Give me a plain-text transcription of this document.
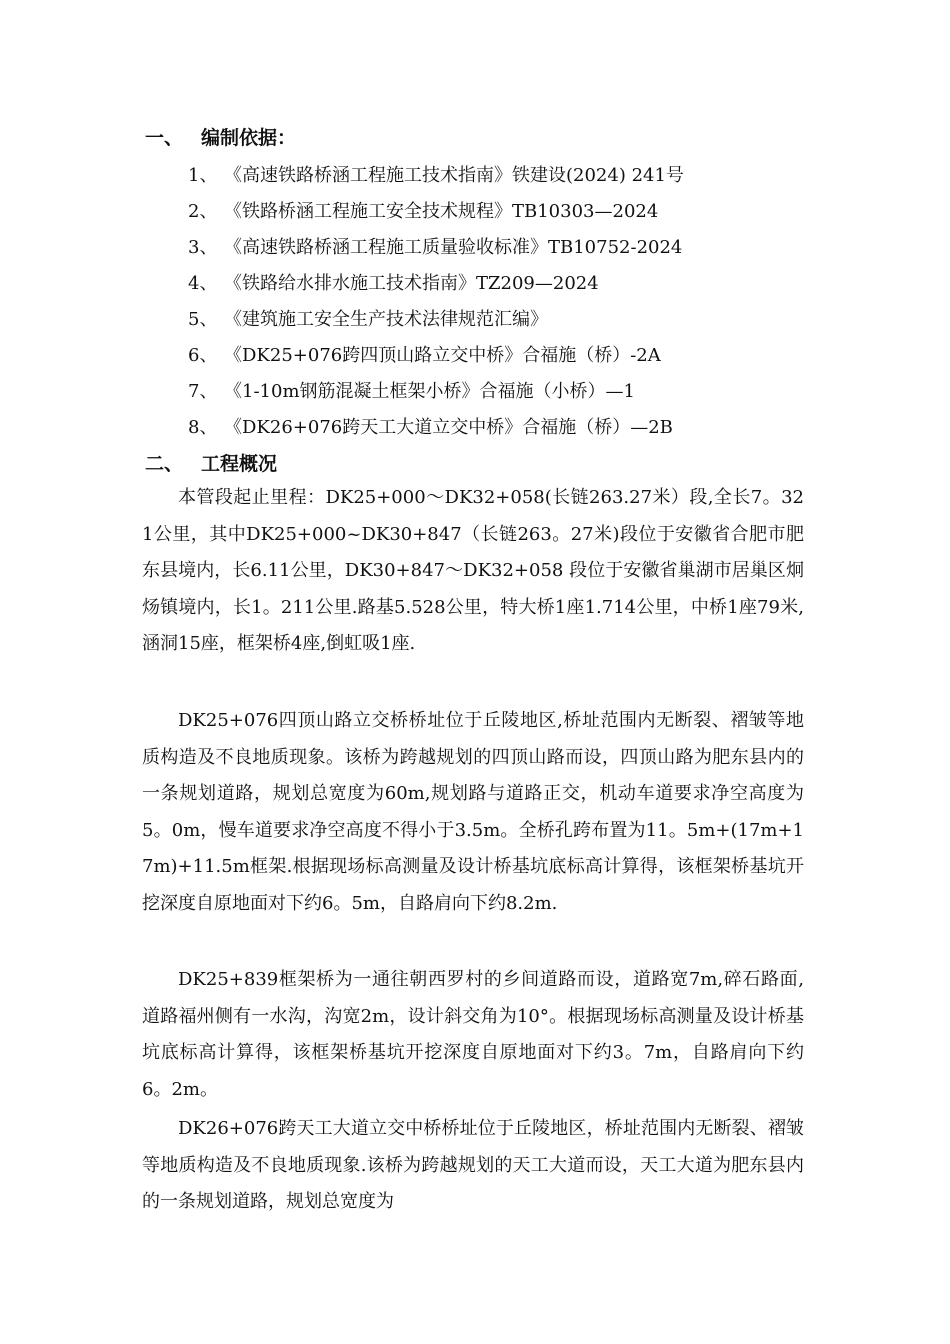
一、 编制依据：
1、 《高速铁路桥涵工程施工技术指南》铁建设(2024) 241号
2、 《铁路桥涵工程施工安全技术规程》TB10303—2024
3、 《高速铁路桥涵工程施工质量验收标准》TB10752-2024
4、 《铁路给水排水施工技术指南》TZ209—2024
5、 《建筑施工安全生产技术法律规范汇编》
6、 《DK25+076跨四顶山路立交中桥》合福施（桥）-2A
7、 《1-10m钢筋混凝土框架小桥》合福施（小桥）—1
8、 《DK26+076跨天工大道立交中桥》合福施（桥）—2B
二、 工程概况

本管段起止里程：DK25+000～DK32+058(长链263.27米）段,全长7。321公里，其中DK25+000~DK30+847（长链263。27米)段位于安徽省合肥市肥东县境内，长6.11公里，DK30+847～DK32+058 段位于安徽省巢湖市居巢区炯炀镇境内，长1。211公里.路基5.528公里，特大桥1座1.714公里，中桥1座79米,涵洞15座，框架桥4座,倒虹吸1座.

DK25+076四顶山路立交桥桥址位于丘陵地区,桥址范围内无断裂、褶皱等地质构造及不良地质现象。该桥为跨越规划的四顶山路而设，四顶山路为肥东县内的一条规划道路，规划总宽度为60m,规划路与道路正交，机动车道要求净空高度为5。0m，慢车道要求净空高度不得小于3.5m。全桥孔跨布置为11。5m+(17m+17m)+11.5m框架.根据现场标高测量及设计桥基坑底标高计算得，该框架桥基坑开挖深度自原地面对下约6。5m，自路肩向下约8.2m.

DK25+839框架桥为一通往朝西罗村的乡间道路而设，道路宽7m,碎石路面,道路福州侧有一水沟，沟宽2m，设计斜交角为10°。根据现场标高测量及设计桥基坑底标高计算得，该框架桥基坑开挖深度自原地面对下约3。7m，自路肩向下约6。2m。

DK26+076跨天工大道立交中桥桥址位于丘陵地区，桥址范围内无断裂、褶皱等地质构造及不良地质现象.该桥为跨越规划的天工大道而设，天工大道为肥东县内的一条规划道路，规划总宽度为
